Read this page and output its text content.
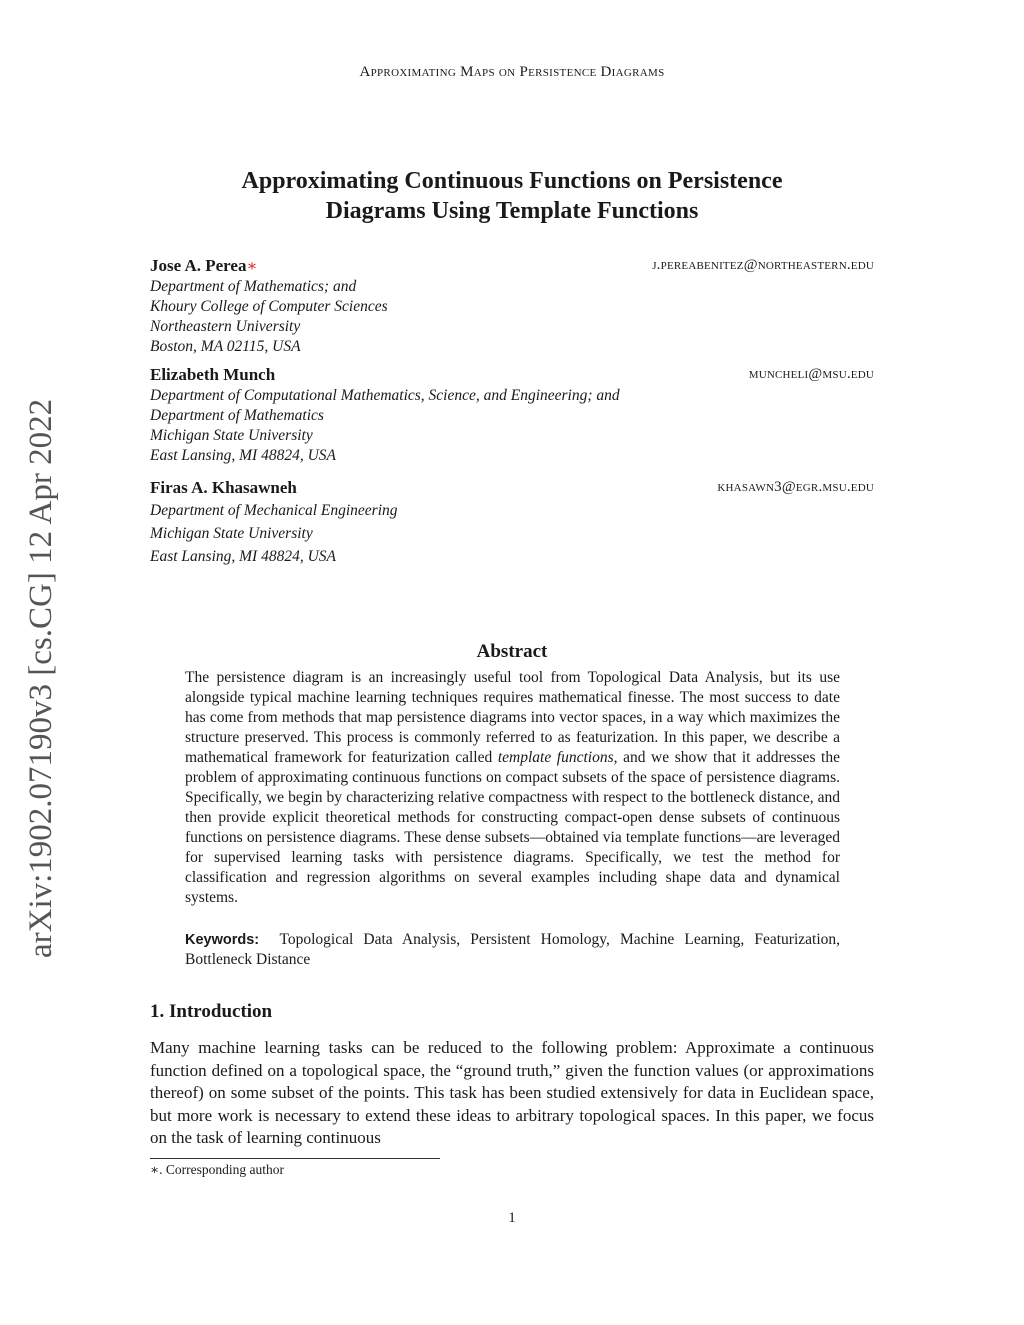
Approximating Maps on Persistence Diagrams
Approximating Continuous Functions on Persistence
Diagrams Using Template Functions
arXiv:1902.07190v3 [cs.CG] 12 Apr 2022
Jose A. Perea∗
Department of Mathematics; and
Khoury College of Computer Sciences
Northeastern University
Boston, MA 02115, USA
j.pereabenitez@northeastern.edu
Elizabeth Munch
Department of Computational Mathematics, Science, and Engineering; and
Department of Mathematics
Michigan State University
East Lansing, MI 48824, USA
muncheli@msu.edu
Firas A. Khasawneh
Department of Mechanical Engineering
Michigan State University
East Lansing, MI 48824, USA
khasawn3@egr.msu.edu
Abstract
The persistence diagram is an increasingly useful tool from Topological Data Analysis, but its use alongside typical machine learning techniques requires mathematical finesse. The most success to date has come from methods that map persistence diagrams into vector spaces, in a way which maximizes the structure preserved. This process is commonly referred to as featurization. In this paper, we describe a mathematical framework for featurization called template functions, and we show that it addresses the problem of approximating continuous functions on compact subsets of the space of persistence diagrams. Specifically, we begin by characterizing relative compactness with respect to the bottleneck distance, and then provide explicit theoretical methods for constructing compact-open dense subsets of continuous functions on persistence diagrams. These dense subsets—obtained via template functions—are leveraged for supervised learning tasks with persistence diagrams. Specifically, we test the method for classification and regression algorithms on several examples including shape data and dynamical systems.
Keywords: Topological Data Analysis, Persistent Homology, Machine Learning, Featurization, Bottleneck Distance
1. Introduction
Many machine learning tasks can be reduced to the following problem: Approximate a continuous function defined on a topological space, the “ground truth,” given the function values (or approximations thereof) on some subset of the points. This task has been studied extensively for data in Euclidean space, but more work is necessary to extend these ideas to arbitrary topological spaces. In this paper, we focus on the task of learning continuous
∗. Corresponding author
1
